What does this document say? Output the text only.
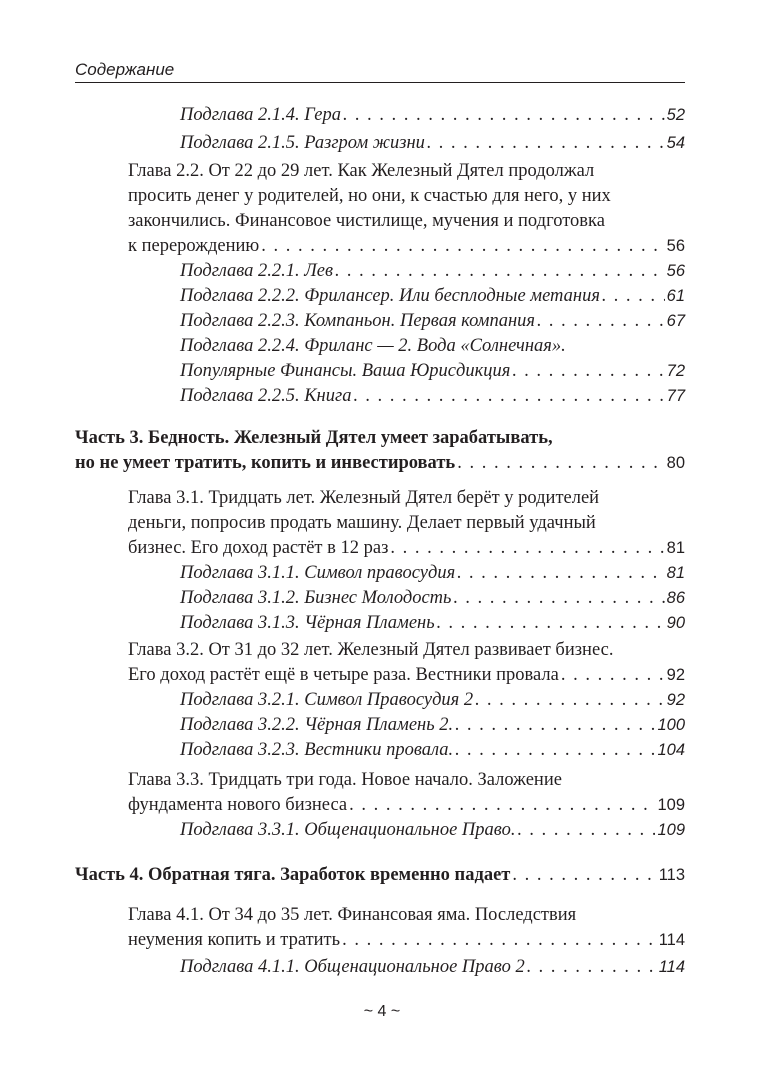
Содержание
Подглава 2.1.4. Гера . . .	52
Подглава 2.1.5. Разгром жизни . . .	54
Глава 2.2. От 22 до 29 лет. Как Железный Дятел продолжал
просить денег у родителей, но они, к счастью для него, у них
закончились. Финансовое чистилище, мучения и подготовка
к перерождению . . .	56
Подглава 2.2.1. Лев . . .	56
Подглава 2.2.2. Фрилансер. Или бесплодные метания . . .	61
Подглава 2.2.3. Компаньон. Первая компания . . .	67
Подглава 2.2.4. Фриланс — 2. Вода «Солнечная».
Популярные Финансы. Ваша Юрисдикция . . .	72
Подглава 2.2.5. Книга . . .	77
Часть 3. Бедность. Железный Дятел умеет зарабатывать,
но не умеет тратить, копить и инвестировать . . .	80
Глава 3.1. Тридцать лет. Железный Дятел берёт у родителей
деньги, попросив продать машину. Делает первый удачный
бизнес. Его доход растёт в 12 раз . . .	81
Подглава 3.1.1. Символ правосудия . . .	81
Подглава 3.1.2. Бизнес Молодость . . .	86
Подглава 3.1.3. Чёрная Пламень . . .	90
Глава 3.2. От 31 до 32 лет. Железный Дятел развивает бизнес.
Его доход растёт ещё в четыре раза. Вестники провала . . .	92
Подглава 3.2.1. Символ Правосудия 2 . . .	92
Подглава 3.2.2. Чёрная Пламень 2. . . .	100
Подглава 3.2.3. Вестники провала. . . .	104
Глава 3.3. Тридцать три года. Новое начало. Заложение
фундамента нового бизнеса . . .	109
Подглава 3.3.1. Общенациональное Право. . . .	109
Часть 4. Обратная тяга. Заработок временно падает . . .	113
Глава 4.1. От 34 до 35 лет. Финансовая яма. Последствия
неумения копить и тратить . . .	114
Подглава 4.1.1. Общенациональное Право 2 . . .	114
~ 4 ~
